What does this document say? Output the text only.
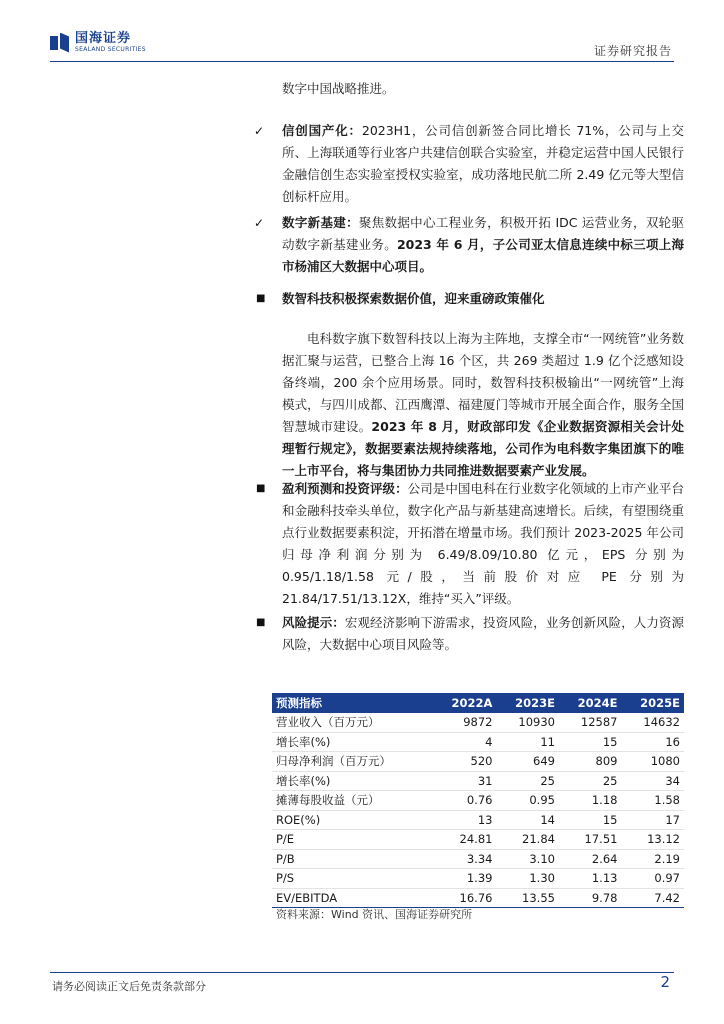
国海证券
SEALAND SECURITIES	证券研究报告
数字中国战略推进。
✓ 信创国产化：2023H1，公司信创新签合同比增长 71%，公司与上交所、上海联通等行业客户共建信创联合实验室，并稳定运营中国人民银行金融信创生态实验室授权实验室，成功落地民航二所 2.49 亿元等大型信创标杆应用。
✓ 数字新基建：聚焦数据中心工程业务，积极开拓 IDC 运营业务，双轮驱动数字新基建业务。2023 年 6 月，子公司亚太信息连续中标三项上海市杨浦区大数据中心项目。
■ 数智科技积极探索数据价值，迎来重磅政策催化
电科数字旗下数智科技以上海为主阵地，支撑全市“一网统管”业务数据汇聚与运营，已整合上海 16 个区，共 269 类超过 1.9 亿个泛感知设备终端，200 余个应用场景。同时，数智科技积极输出“一网统管”上海模式，与四川成都、江西鹰潭、福建厦门等城市开展全面合作，服务全国智慧城市建设。2023 年 8 月，财政部印发《企业数据资源相关会计处理暂行规定》，数据要素法规持续落地，公司作为电科数字集团旗下的唯一上市平台，将与集团协力共同推进数据要素产业发展。
■ 盈利预测和投资评级：公司是中国电科在行业数字化领域的上市产业平台和金融科技牵头单位，数字化产品与新基建高速增长。后续，有望围绕重点行业数据要素积淀，开拓潜在增量市场。我们预计 2023-2025 年公司归母净利润分别为 6.49/8.09/10.80 亿元，EPS 分别为 0.95/1.18/1.58 元/股，当前股价对应 PE 分别为 21.84/17.51/13.12X，维持“买入”评级。
■ 风险提示：宏观经济影响下游需求，投资风险，业务创新风险，人力资源风险，大数据中心项目风险等。
预测指标	2022A	2023E	2024E	2025E
营业收入（百万元）	9872	10930	12587	14632
增长率(%)	4	11	15	16
归母净利润（百万元）	520	649	809	1080
增长率(%)	31	25	25	34
摊薄每股收益（元）	0.76	0.95	1.18	1.58
ROE(%)	13	14	15	17
P/E	24.81	21.84	17.51	13.12
P/B	3.34	3.10	2.64	2.19
P/S	1.39	1.30	1.13	0.97
EV/EBITDA	16.76	13.55	9.78	7.42
资料来源：Wind 资讯、国海证券研究所
请务必阅读正文后免责条款部分	2
